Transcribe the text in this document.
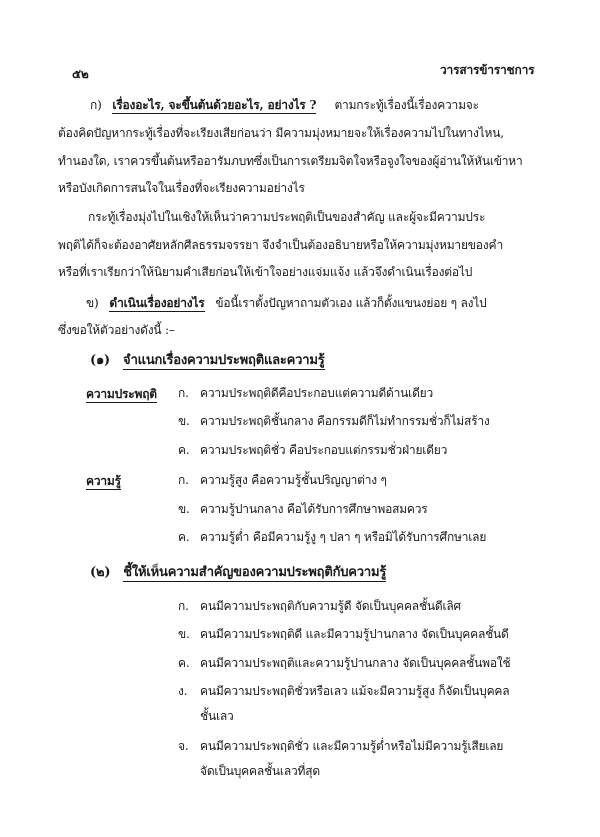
๕๒	วารสารข้าราชการ
ก) เรื่องอะไร, จะขึ้นต้นด้วยอะไร, อย่างไร ? ตามกระทู้เรื่องนี้เรื่องความจะ
ต้องคิดปัญหากระทู้เรื่องที่จะเรียงเสียก่อนว่า มีความมุ่งหมายจะให้เรื่องความไปในทางไหน,
ทำนองใด, เราควรขึ้นต้นหรืออารัมภบทซึ่งเป็นการเตรียมจิตใจหรือจูงใจของผู้อ่านให้หันเข้าหา
หรือบังเกิดการสนใจในเรื่องที่จะเรียงความอย่างไร
กระทู้เรื่องมุ่งไปในเชิงให้เห็นว่าความประพฤติเป็นของสำคัญ และผู้จะมีความประ
พฤติได้ก็จะต้องอาศัยหลักศีลธรรมจรรยา จึงจำเป็นต้องอธิบายหรือให้ความมุ่งหมายของคำ
หรือที่เราเรียกว่าให้นิยามคำเสียก่อนให้เข้าใจอย่างแจ่มแจ้ง แล้วจึงดำเนินเรื่องต่อไป
ข) ดำเนินเรื่องอย่างไร ข้อนี้เราตั้งปัญหาถามตัวเอง แล้วก็ตั้งแขนงย่อย ๆ ลงไป
ซึ่งขอให้ตัวอย่างดังนี้ :–
(๑) จำแนกเรื่องความประพฤติและความรู้
ความประพฤติ ก. ความประพฤติดีคือประกอบแต่ความดีด้านเดียว
ข. ความประพฤติชั้นกลาง คือกรรมดีก็ไม่ทำกรรมชั่วก็ไม่สร้าง
ค. ความประพฤติชั่ว คือประกอบแต่กรรมชั่วฝ่ายเดียว
ความรู้	ก. ความรู้สูง คือความรู้ชั้นปริญญาต่าง ๆ
ข. ความรู้ปานกลาง คือได้รับการศึกษาพอสมควร
ค. ความรู้ต่ำ คือมีความรู้งู ๆ ปลา ๆ หรือมิได้รับการศึกษาเลย
(๒) ชี้ให้เห็นความสำคัญของความประพฤติกับความรู้
ก. คนมีความประพฤติกับความรู้ดี จัดเป็นบุคคลชั้นดีเลิศ
ข. คนมีความประพฤติดี และมีความรู้ปานกลาง จัดเป็นบุคคลชั้นดี
ค. คนมีความประพฤติและความรู้ปานกลาง จัดเป็นบุคคลชั้นพอใช้
ง. คนมีความประพฤติชั่วหรือเลว แม้จะมีความรู้สูง ก็จัดเป็นบุคคล
ชั้นเลว
จ. คนมีความประพฤติชั่ว และมีความรู้ต่ำหรือไม่มีความรู้เสียเลย
จัดเป็นบุคคลชั้นเลวที่สุด
